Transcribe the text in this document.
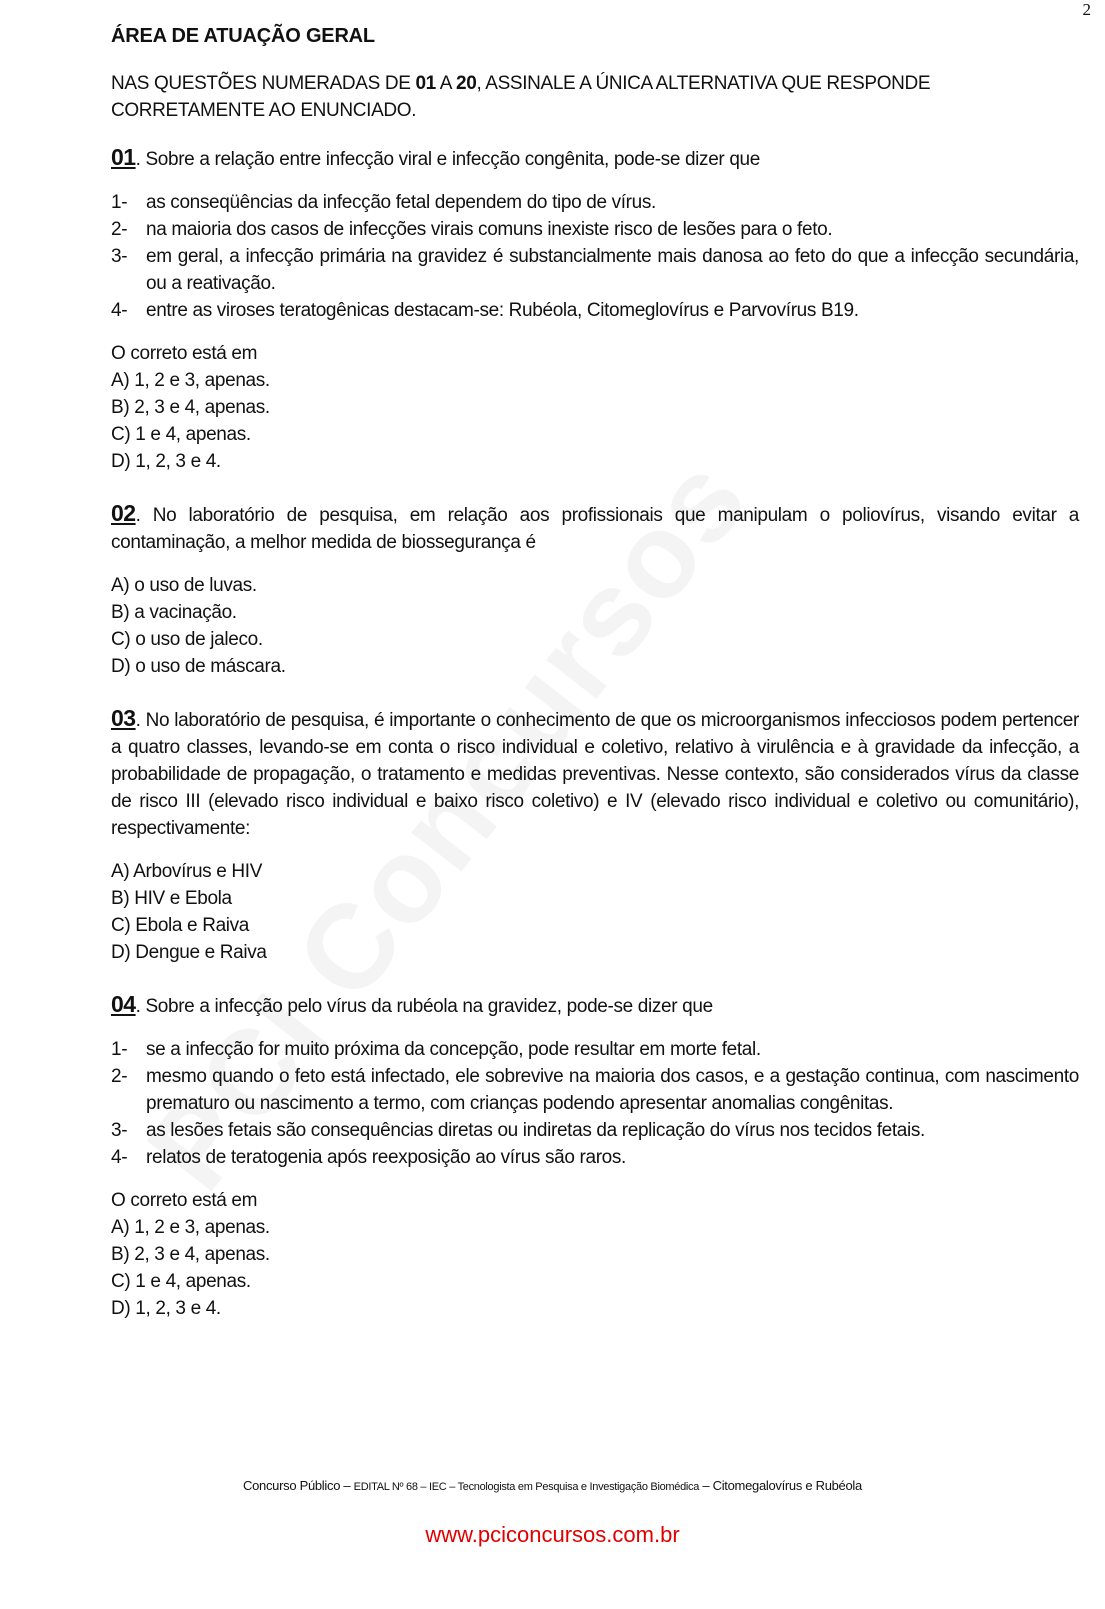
2
ÁREA DE ATUAÇÃO GERAL

NAS QUESTÕES NUMERADAS DE 01 A 20, ASSINALE A ÚNICA ALTERNATIVA QUE RESPONDE CORRETAMENTE AO ENUNCIADO.

01. Sobre a relação entre infecção viral e infecção congênita, pode-se dizer que

1- as conseqüências da infecção fetal dependem do tipo de vírus.
2- na maioria dos casos de infecções virais comuns inexiste risco de lesões para o feto.
3- em geral, a infecção primária na gravidez é substancialmente mais danosa ao feto do que a infecção secundária, ou a reativação.
4- entre as viroses teratogênicas destacam-se: Rubéola, Citomeglovírus e Parvovírus B19.

O correto está em

A) 1, 2 e 3, apenas.
B) 2, 3 e 4, apenas.
C) 1 e 4, apenas.
D) 1, 2, 3 e 4.

02. No laboratório de pesquisa, em relação aos profissionais que manipulam o poliovírus, visando evitar a contaminação, a melhor medida de biossegurança é

A) o uso de luvas.
B) a vacinação.
C) o uso de jaleco.
D) o uso de máscara.

03. No laboratório de pesquisa, é importante o conhecimento de que os microorganismos infecciosos podem pertencer a quatro classes, levando-se em conta o risco individual e coletivo, relativo à virulência e à gravidade da infecção, a probabilidade de propagação, o tratamento e medidas preventivas. Nesse contexto, são considerados vírus da classe de risco III (elevado risco individual e baixo risco coletivo) e IV (elevado risco individual e coletivo ou comunitário), respectivamente:

A) Arbovírus e HIV
B) HIV e Ebola
C) Ebola e Raiva
D) Dengue e Raiva

04. Sobre a infecção pelo vírus da rubéola na gravidez, pode-se dizer que

1- se a infecção for muito próxima da concepção, pode resultar em morte fetal.
2- mesmo quando o feto está infectado, ele sobrevive na maioria dos casos, e a gestação continua, com nascimento prematuro ou nascimento a termo, com crianças podendo apresentar anomalias congênitas.
3- as lesões fetais são consequências diretas ou indiretas da replicação do vírus nos tecidos fetais.
4- relatos de teratogenia após reexposição ao vírus são raros.

O correto está em

A) 1, 2 e 3, apenas.
B) 2, 3 e 4, apenas.
C) 1 e 4, apenas.
D) 1, 2, 3 e 4.
Concurso Público – EDITAL Nº 68 – IEC – Tecnologista em Pesquisa e Investigação Biomédica – Citomegalovírus e Rubéola
www.pciconcursos.com.br
